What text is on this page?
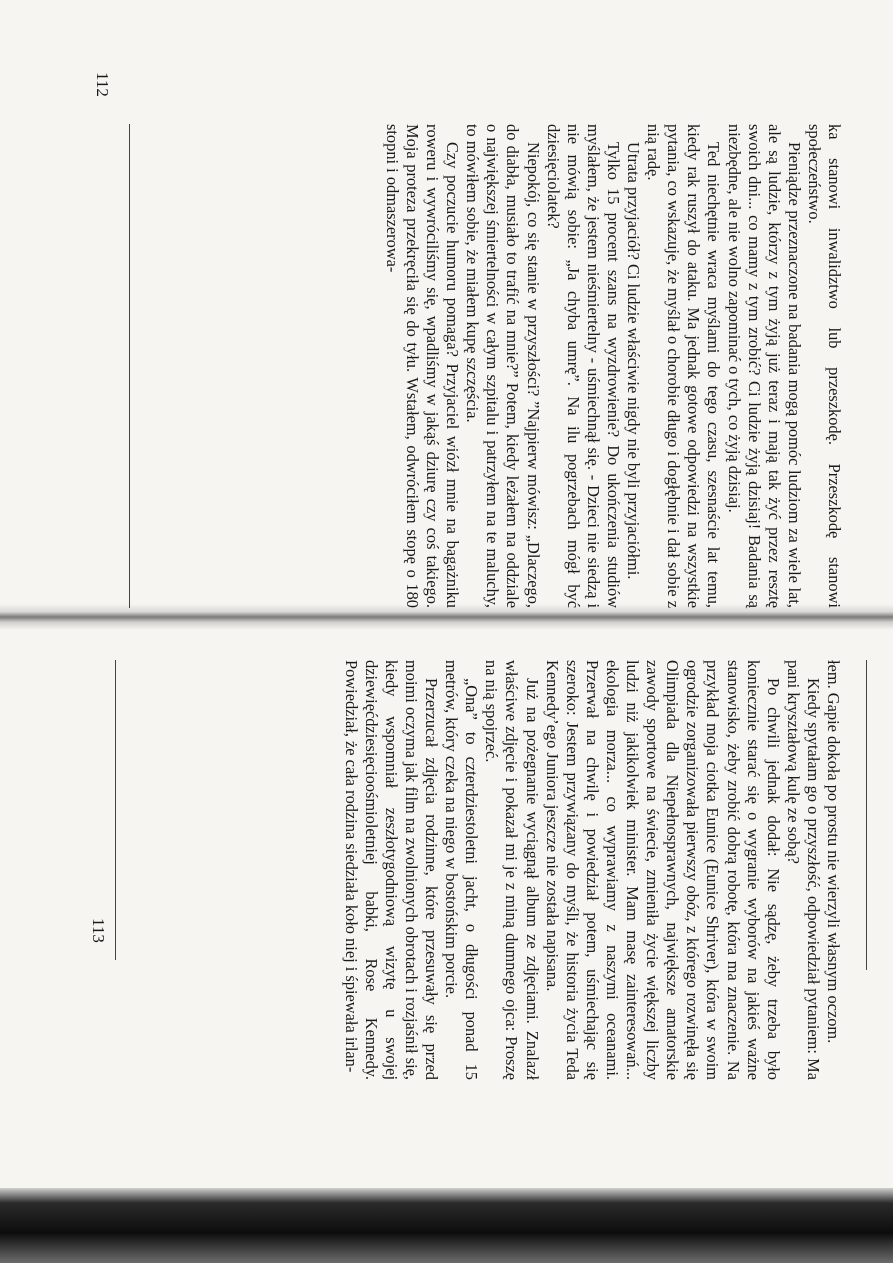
112
113

ka stanowi inwalidztwo lub przeszkodę. Przeszkodę stanowi społeczeństwo.

Pieniądze przeznaczone na badania mogą pomóc ludziom za wiele lat, ale są ludzie, którzy z tym żyją już teraz i mają tak żyć przez resztę swoich dni... co mamy z tym zrobić? Ci ludzie żyją dzisiaj! Badania są niezbędne, ale nie wolno zapominać o tych, co żyją dzisiaj.

Ted niechętnie wraca myślami do tego czasu, szesnaście lat temu, kiedy rak ruszył do ataku. Ma jednak gotowe odpowiedzi na wszystkie pytania, co wskazuje, że myślał o chorobie długo i dogłębnie i dał sobie z nią radę.

Utrata przyjaciół? Ci ludzie właściwie nigdy nie byli przyjaciółmi.

Tylko 15 procent szans na wyzdrowienie? Do ukończenia studiów myślałem, że jestem nieśmiertelny - uśmiechnął się. - Dzieci nie siedzą i nie mówią sobie: „Ja chyba umrę”. Na ilu pogrzebach mógł być dziesięciolatek?

Niepokój, co się stanie w przyszłości? ”Najpierw mówisz: „Dlaczego, do diabła, musiało to trafić na mnie?” Potem, kiedy leżałem na oddziale o największej śmiertelności w całym szpitalu i patrzyłem na te maluchy, to mówiłem sobie, że miałem kupę szczęścia.

Czy poczucie humoru pomaga? Przyjaciel wiózł mnie na bagażniku roweru i wywróciliśmy się, wpadliśmy w jakąś dziurę czy coś takiego. Moja proteza przekręciła się do tyłu. Wstałem, odwróciłem stopę o 180 stopni i odmaszerowa-

łem. Gapie dokoła po prostu nie wierzyli własnym oczom.

Kiedy spytałam go o przyszłość, odpowiedział pytaniem: Ma pani kryształową kulę ze sobą?

Po chwili jednak dodał: Nie sądzę, żeby trzeba było koniecznie starać się o wygranie wyborów na jakieś ważne stanowisko, żeby zrobić dobrą robotę, która ma znaczenie. Na przykład moja ciotka Eunice (Eunice Shriver), która w swoim ogrodzie zorganizowała pierwszy obóz, z którego rozwinęła się Olimpiada dla Niepełnosprawnych, największe amatorskie zawody sportowe na świecie, zmieniła życie większej liczby ludzi niż jakikolwiek minister. Mam masę zainteresowań... ekologia morza... co wyprawiamy z naszymi oceanami. Przerwał na chwilę i powiedział potem, uśmiechając się szeroko: Jestem przywiązany do myśli, że historia życia Teda Kennedy’ego Juniora jeszcze nie została napisana.

Już na pożegnanie wyciągnął album ze zdjęciami. Znalazł właściwe zdjęcie i pokazał mi je z miną dumnego ojca: Proszę na nią spojrzeć.

„Ona” to czterdziestoletni jacht, o długości ponad 15 metrów, który czeka na niego w bostońskim porcie.

Przerzucał zdjęcia rodzinne, które przesuwały się przed moimi oczyma jak film na zwolnionych obrotach i rozjaśnił się, kiedy wspomniał zeszłotygodniową wizytę u swojej dziewięćdziesięcioośmioletniej babki, Rose Kennedy. Powiedział, że cała rodzina siedziała koło niej i śpiewała irlan-
